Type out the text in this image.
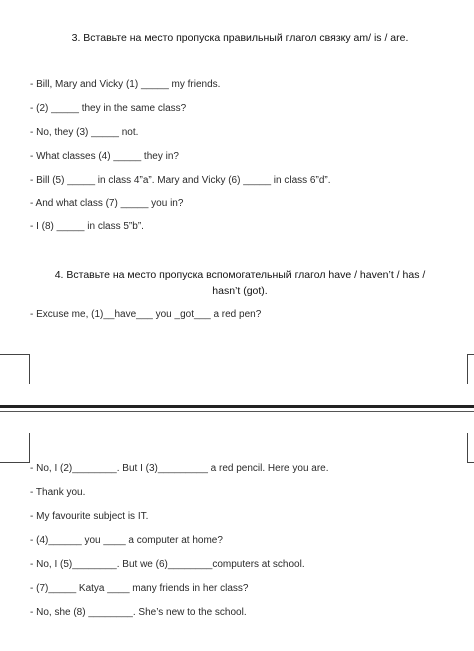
3. Вставьте на место пропуска правильный глагол связку am/ is / are.
- Bill, Mary and Vicky (1) _____ my friends.
- (2) _____ they in the same class?
- No, they (3) _____ not.
- What classes (4) _____ they in?
- Bill (5) _____ in class 4”a”. Mary and Vicky (6) _____ in class 6”d”.
- And what class (7) _____ you in?
- I (8) _____ in class 5”b”.
4. Вставьте на место пропуска вспомогательный глагол have / haven’t / has /
hasn’t (got).
- Excuse me, (1)__have___ you _got___ a red pen?
- No, I (2)________. But I (3)_________ a red pencil. Here you are.
- Thank you.
- My favourite subject is IT.
- (4)______ you ____ a computer at home?
- No, I (5)________. But we (6)________computers at school.
- (7)_____ Katya ____ many friends in her class?
- No, she (8) ________. She’s new to the school.
